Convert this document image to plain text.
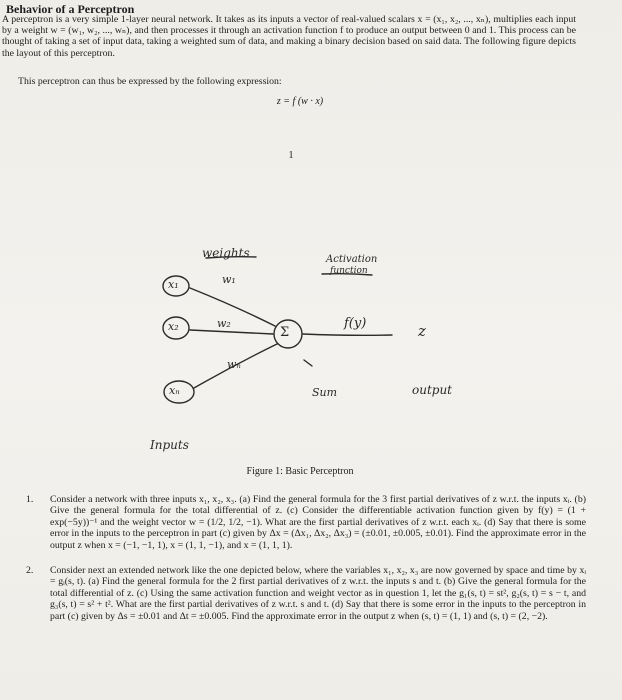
Behavior of a Perceptron
A perceptron is a very simple 1-layer neural network. It takes as its inputs a vector of real-valued scalars x = (x₁, x₂, ..., xₙ), multiplies each input by a weight w = (w₁, w₂, ..., wₙ), and then processes it through an activation function f to produce an output between 0 and 1. This process can be thought of taking a set of input data, taking a weighted sum of data, and making a binary decision based on said data. The following figure depicts the layout of this perceptron.
This perceptron can thus be expressed by the following expression:
z = f (w · x)
1
weights	Activation
function
x₁	w₁
x₂	w₂
Σ
f(y)	z
wₙ
Sum	output
xₙ
Inputs
Figure 1: Basic Perceptron
1. Consider a network with three inputs x₁, x₂, x₃. (a) Find the general formula for the 3 first partial derivatives of z w.r.t. the inputs xᵢ. (b) Give the general formula for the total differential of z. (c) Consider the differentiable activation function given by f(y) = (1 + exp(−5y))⁻¹ and the weight vector w = (1/2, 1/2, −1). What are the first partial derivatives of z w.r.t. each xᵢ. (d) Say that there is some error in the inputs to the perceptron in part (c) given by Δx = (Δx₁, Δx₂, Δx₃) = (±0.01, ±0.005, ±0.01). Find the approximate error in the output z when x = (−1, −1, 1), x = (1, 1, −1), and x = (1, 1, 1).
2. Consider next an extended network like the one depicted below, where the variables x₁, x₂, x₃ are now governed by space and time by xᵢ = gᵢ(s, t). (a) Find the general formula for the 2 first partial derivatives of z w.r.t. the inputs s and t. (b) Give the general formula for the total differential of z. (c) Using the same activation function and weight vector as in question 1, let the g₁(s, t) = st², g₂(s, t) = s − t, and g₃(s, t) = s² + t². What are the first partial derivatives of z w.r.t. s and t. (d) Say that there is some error in the inputs to the perceptron in part (c) given by Δs = ±0.01 and Δt = ±0.005. Find the approximate error in the output z when (s, t) = (1, 1) and (s, t) = (2, −2).
